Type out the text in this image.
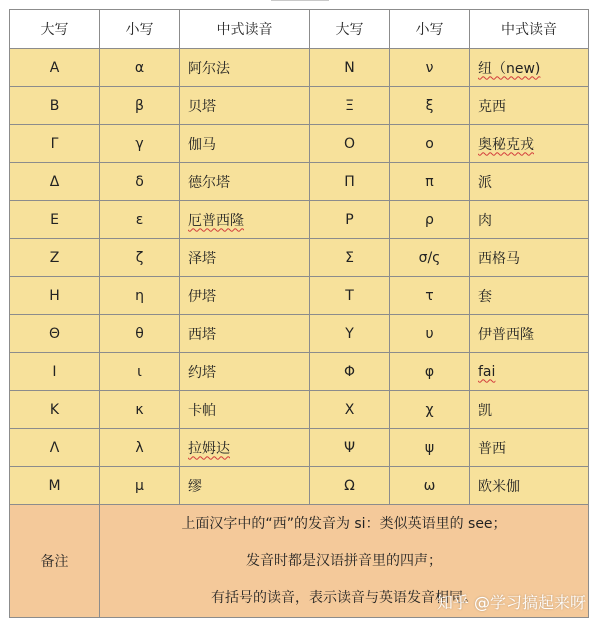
大写	小写	中式读音	大写	小写	中式读音
Α	α	阿尔法	Ν	ν	纽（new)
Β	β	贝塔	Ξ	ξ	克西
Γ	γ	伽马	Ο	ο	奥秘克戎
Δ	δ	德尔塔	Π	π	派
Ε	ε	厄普西隆	Ρ	ρ	肉
Ζ	ζ	泽塔	Σ	σ/ς	西格马
Η	η	伊塔	Τ	τ	套
Θ	θ	西塔	Υ	υ	伊普西隆
Ι	ι	约塔	Φ	φ	fai
Κ	κ	卡帕	Χ	χ	凯
Λ	λ	拉姆达	Ψ	ψ	普西
Μ	μ	缪	Ω	ω	欧米伽
备注	上面汉字中的“西”的发音为 si：类似英语里的 see；
发音时都是汉语拼音里的四声；
有括号的读音，表示读音与英语发音相同。				
知乎 @学习搞起来呀
